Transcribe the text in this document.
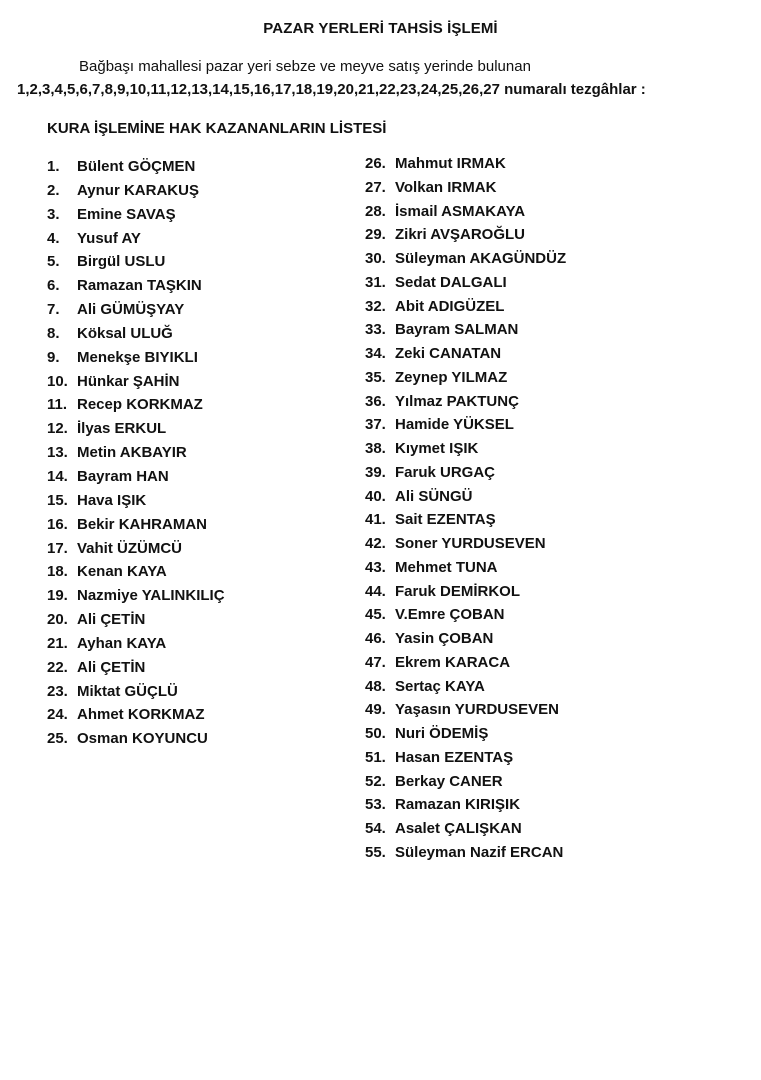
PAZAR YERLERİ TAHSİS İŞLEMİ
Bağbaşı mahallesi pazar yeri sebze ve meyve satış yerinde bulunan
1,2,3,4,5,6,7,8,9,10,11,12,13,14,15,16,17,18,19,20,21,22,23,24,25,26,27 numaralı tezgâhlar :
KURA İŞLEMİNE HAK KAZANANLARIN LİSTESİ
1. Bülent GÖÇMEN
2. Aynur KARAKUŞ
3. Emine SAVAŞ
4. Yusuf AY
5. Birgül USLU
6. Ramazan TAŞKIN
7. Ali GÜMÜŞYAY
8. Köksal ULUĞ
9. Menekşe BIYIKLI
10. Hünkar ŞAHİN
11. Recep KORKMAZ
12. İlyas ERKUL
13. Metin AKBAYIR
14. Bayram HAN
15. Hava IŞIK
16. Bekir KAHRAMAN
17. Vahit ÜZÜMCÜ
18. Kenan KAYA
19. Nazmiye YALINKILIÇ
20. Ali ÇETİN
21. Ayhan KAYA
22. Ali ÇETİN
23. Miktat GÜÇLÜ
24. Ahmet KORKMAZ
25. Osman KOYUNCU
26. Mahmut IRMAK
27. Volkan IRMAK
28. İsmail ASMAKAYA
29. Zikri AVŞAROĞLU
30. Süleyman AKAGÜNDÜZ
31. Sedat DALGALI
32. Abit ADIGÜZEL
33. Bayram SALMAN
34. Zeki CANATAN
35. Zeynep YILMAZ
36. Yılmaz PAKTUNÇ
37. Hamide YÜKSEL
38. Kıymet IŞIK
39. Faruk URGAÇ
40. Ali SÜNGÜ
41. Sait EZENTAŞ
42. Soner YURDUSEVEN
43. Mehmet TUNA
44. Faruk DEMİRKOL
45. V.Emre ÇOBAN
46. Yasin ÇOBAN
47. Ekrem KARACA
48. Sertaç KAYA
49. Yaşasın YURDUSEVEN
50. Nuri ÖDEMİŞ
51. Hasan EZENTAŞ
52. Berkay CANER
53. Ramazan KIRIŞIK
54. Asalet ÇALIŞKAN
55. Süleyman Nazif ERCAN
